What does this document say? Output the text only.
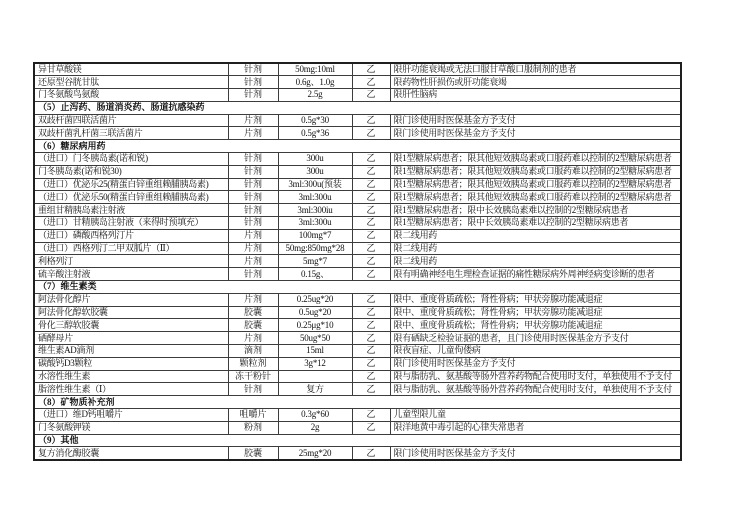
异甘草酸镁	针剂	50mg:10ml	乙	限肝功能衰竭或无法口服甘草酸口服制剂的患者
还原型谷胱甘肽	针剂	0.6g、1.0g	乙	限药物性肝损伤或肝功能衰竭
门冬氨酸鸟氨酸	针剂	2.5g	乙	限肝性脑病
（5）止泻药、肠道消炎药、肠道抗感染药				
双歧杆菌四联活菌片	片剂	0.5g*30	乙	限门诊使用时医保基金方予支付
双歧杆菌乳杆菌三联活菌片	片剂	0.5g*36	乙	限门诊使用时医保基金方予支付
（6）糖尿病用药				
（进口）门冬胰岛素(诺和锐)	针剂	300u	乙	限1型糖尿病患者；限其他短效胰岛素或口服药难以控制的2型糖尿病患者
门冬胰岛素(诺和锐30)	针剂	300u	乙	限1型糖尿病患者；限其他短效胰岛素或口服药难以控制的2型糖尿病患者
（进口）优泌乐25(精蛋白锌重组赖脯胰岛素)	针剂	3ml:300u(预装	乙	限1型糖尿病患者；限其他短效胰岛素或口服药难以控制的2型糖尿病患者
（进口）优泌乐50(精蛋白锌重组赖脯胰岛素)	针剂	3ml:300u	乙	限1型糖尿病患者；限其他短效胰岛素或口服药难以控制的2型糖尿病患者
重组甘精胰岛素注射液	针剂	3ml:300iu	乙	限1型糖尿病患者；限中长效胰岛素难以控制的2型糖尿病患者
（进口）甘精胰岛注射液（来得时预填充）	针剂	3ml:300u	乙	限1型糖尿病患者；限中长效胰岛素难以控制的2型糖尿病患者
（进口）磷酸西格列汀片	片剂	100mg*7	乙	限二线用药
（进口）西格列汀二甲双胍片（Ⅱ）	片剂	50mg:850mg*28	乙	限二线用药
利格列汀	片剂	5mg*7	乙	限二线用药
硫辛酸注射液	针剂	0.15g、	乙	限有明确神经电生理检查证据的痛性糖尿病外周神经病变诊断的患者
（7）维生素类				
阿法骨化醇片	片剂	0.25ug*20	乙	限中、重度骨质疏松；肾性骨病；甲状旁腺功能减退症
阿法骨化醇软胶囊	胶囊	0.5ug*20	乙	限中、重度骨质疏松；肾性骨病；甲状旁腺功能减退症
骨化三醇软胶囊	胶囊	0.25μg*10	乙	限中、重度骨质疏松；肾性骨病；甲状旁腺功能减退症
硒酵母片	片剂	50ug*50	乙	限有硒缺乏检验证据的患者，且门诊使用时医保基金方予支付
维生素AD滴剂	滴剂	15ml	乙	限夜盲症、儿童佝偻病
碳酸钙D3颗粒	颗粒剂	3g*12	乙	限门诊使用时医保基金方予支付
水溶性维生素	冻干粉针		乙	限与脂肪乳、氨基酸等肠外营养药物配合使用时支付，单独使用不予支付
脂溶性维生素（Ⅰ）	针剂	复方	乙	限与脂肪乳、氨基酸等肠外营养药物配合使用时支付，单独使用不予支付
（8）矿物质补充剂				
（进口）维D钙咀嚼片	咀嚼片	0.3g*60	乙	儿童型限儿童
门冬氨酸钾镁	粉剂	2g	乙	限洋地黄中毒引起的心律失常患者
（9）其他				
复方消化酶胶囊	胶囊	25mg*20	乙	限门诊使用时医保基金方予支付
